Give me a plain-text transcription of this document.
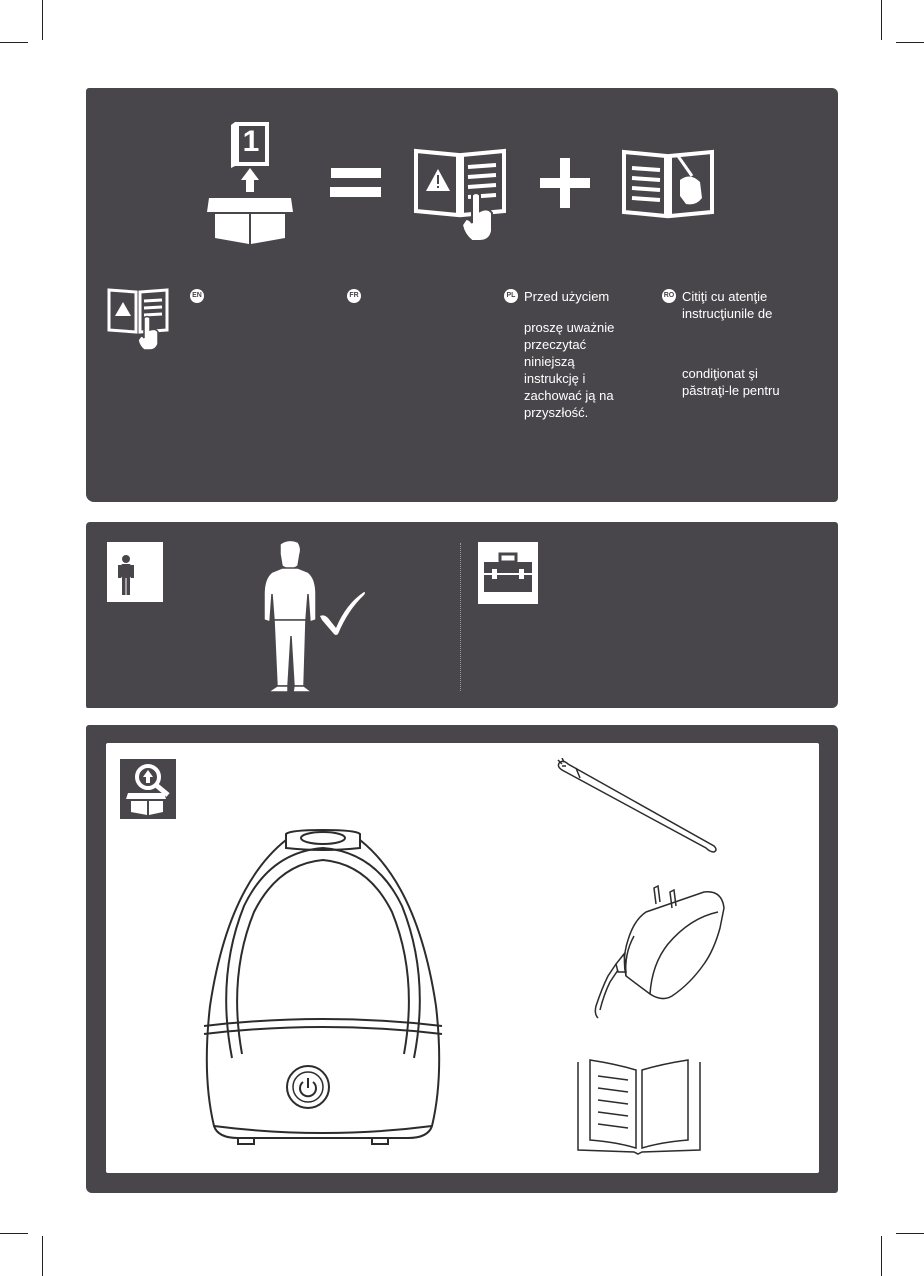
1
EN	FR	PL Przed użyciem
proszę uważnie
przeczytać
niniejszą
instrukcję i
zachować ją na
przyszłość.
RO Citiţi cu atenţie
instrucţiunile de
condiţionat şi
păstraţi-le pentru
